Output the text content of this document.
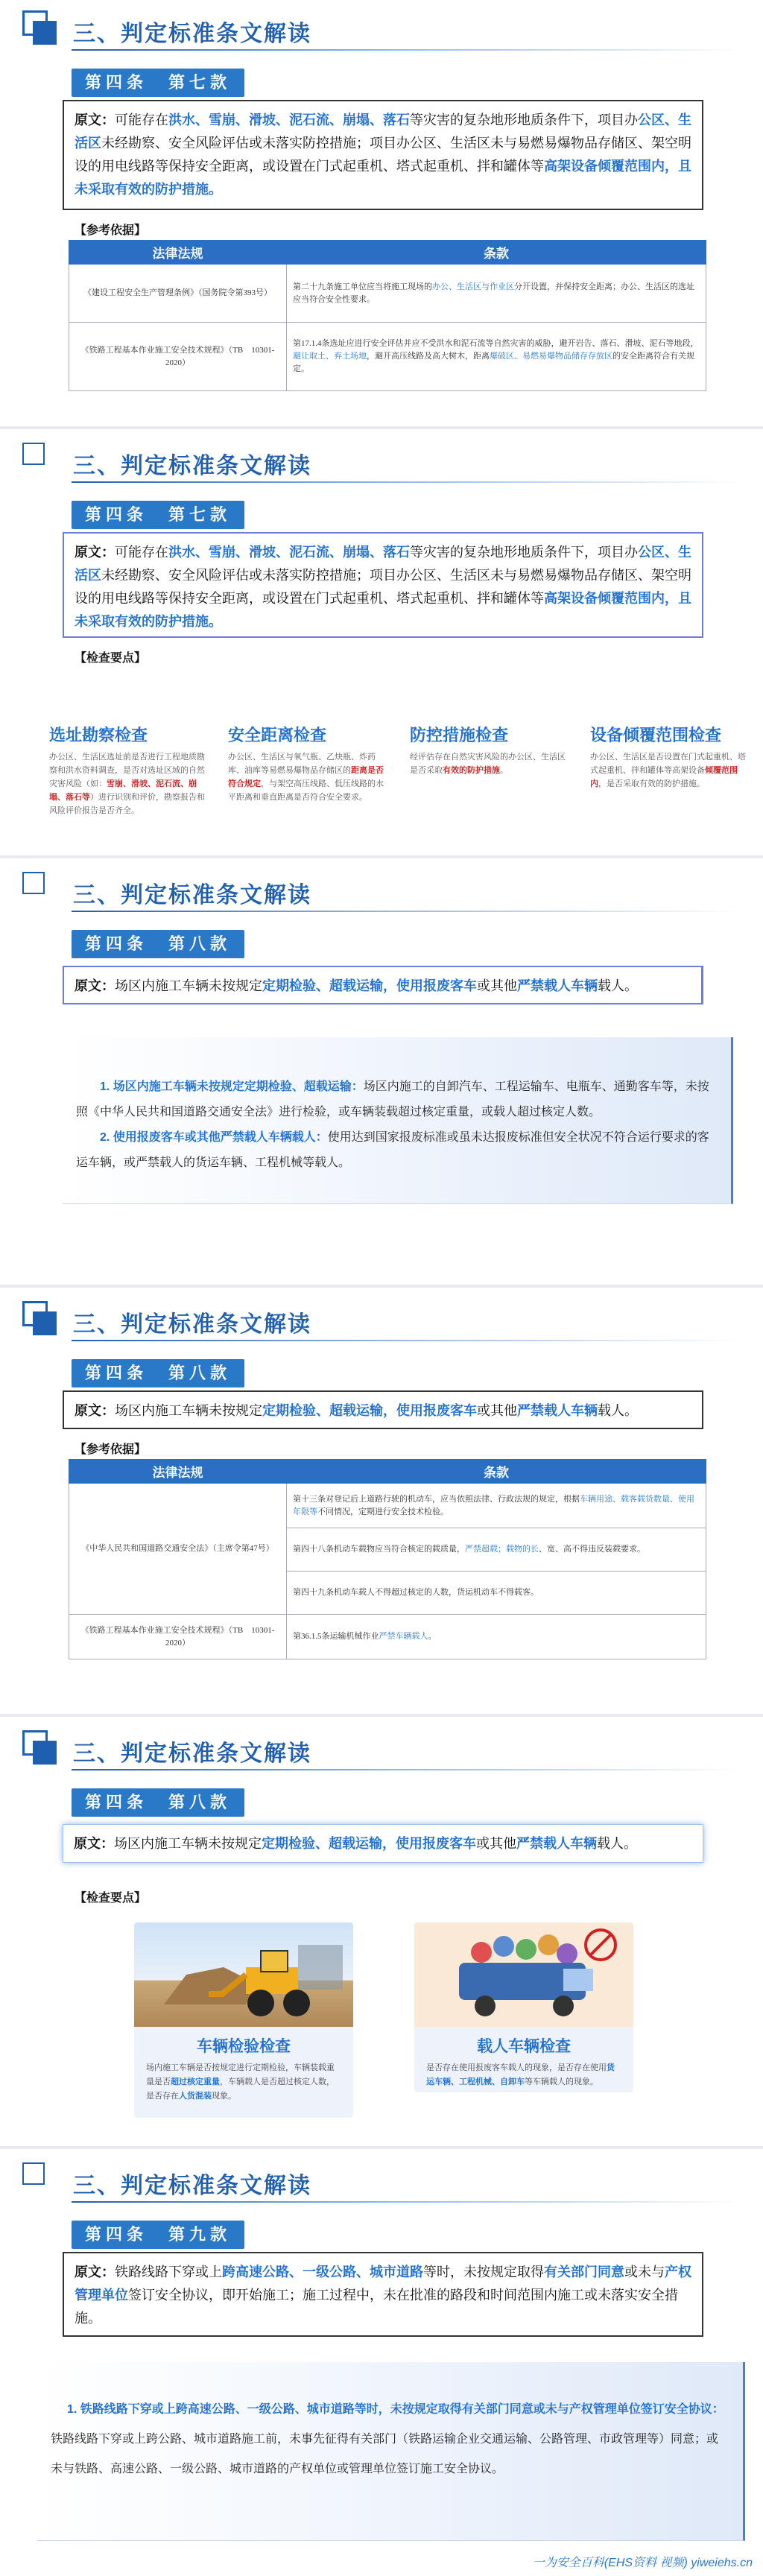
三、判定标准条文解读
第四条　第七款
原文：可能存在洪水、雪崩、滑坡、泥石流、崩塌、落石等灾害的复杂地形地质条件下，项目办公区、生活区未经勘察、安全风险评估或未落实防控措施；项目办公区、生活区未与易燃易爆物品存储区、架空明设的用电线路等保持安全距离，或设置在门式起重机、塔式起重机、拌和罐体等高架设备倾覆范围内，且未采取有效的防护措施。
【参考依据】
法律法规	条款
《建设工程安全生产管理条例》（国务院令第393号）	第二十九条施工单位应当将施工现场的办公、生活区与作业区分开设置，并保持安全距离；办公、生活区的选址应当符合安全性要求。
《铁路工程基本作业施工安全技术规程》（TB　10301-2020）	第17.1.4条选址应进行安全评估并应不受洪水和泥石流等自然灾害的威胁，避开岩告、落石、滑坡、泥石等地段，避让取土、弃土场地，避开高压线路及高大树木，距离爆破区、易燃易爆物品储存存放区的安全距离符合有关规定。
三、判定标准条文解读
第四条　第七款
原文：可能存在洪水、雪崩、滑坡、泥石流、崩塌、落石等灾害的复杂地形地质条件下，项目办公区、生活区未经勘察、安全风险评估或未落实防控措施；项目办公区、生活区未与易燃易爆物品存储区、架空明设的用电线路等保持安全距离，或设置在门式起重机、塔式起重机、拌和罐体等高架设备倾覆范围内，且未采取有效的防护措施。
【检查要点】
选址勘察检查

办公区、生活区选址前是否进行工程地质勘察和洪水资料调查，是否对选址区域的自然灾害风险（如：雪崩、滑坡、泥石流、崩塌、落石等）进行识别和评价，勘察报告和风险评价报告是否齐全。

安全距离检查

办公区、生活区与氧气瓶、乙炔瓶、炸药库、油库等易燃易爆物品存储区的距离是否符合规定，与架空高压线路、低压线路的水平距离和垂直距离是否符合安全要求。

防控措施检查

经评估存在自然灾害风险的办公区、生活区是否采取有效的防护措施。

设备倾覆范围检查

办公区、生活区是否设置在门式起重机、塔式起重机、拌和罐体等高架设备倾覆范围内，是否采取有效的防护措施。

三、判定标准条文解读
第四条　第八款
原文：场区内施工车辆未按规定定期检验、超载运输，使用报废客车或其他严禁载人车辆载人。

1. 场区内施工车辆未按规定定期检验、超载运输：场区内施工的自卸汽车、工程运输车、电瓶车、通勤客车等，未按照《中华人民共和国道路交通安全法》进行检验，或车辆装载超过核定重量，或载人超过核定人数。

2. 使用报废客车或其他严禁载人车辆载人：使用达到国家报废标准或虽未达报废标准但安全状况不符合运行要求的客运车辆，或严禁载人的货运车辆、工程机械等载人。

三、判定标准条文解读
第四条　第八款
原文：场区内施工车辆未按规定定期检验、超载运输，使用报废客车或其他严禁载人车辆载人。
【参考依据】
法律法规	条款
《中华人民共和国道路交通安全法》（主席令第47号）	第十三条对登记后上道路行驶的机动车，应当依照法律、行政法规的规定，根据车辆用途、载客载货数量、使用年限等不同情况，定期进行安全技术检验。
	第四十八条机动车载物应当符合核定的载质量，严禁超载；载物的长、宽、高不得违反装载要求。
	第四十九条机动车载人不得超过核定的人数，货运机动车不得载客。
《铁路工程基本作业施工安全技术规程》（TB　10301-2020）	第36.1.5条运输机械作业严禁车辆载人。
三、判定标准条文解读
第四条　第八款
原文：场区内施工车辆未按规定定期检验、超载运输，使用报废客车或其他严禁载人车辆载人。
【检查要点】
车辆检验检查

场内施工车辆是否按规定进行定期检验，车辆装载重量是否超过核定重量，车辆载人是否超过核定人数，是否存在人货混装现象。

载人车辆检查

是否存在使用报废客车载人的现象，是否存在使用货运车辆、工程机械、自卸车等车辆载人的现象。

三、判定标准条文解读
第四条　第九款
原文：铁路线路下穿或上跨高速公路、一级公路、城市道路等时，未按规定取得有关部门同意或未与产权管理单位签订安全协议，即开始施工；施工过程中，未在批准的路段和时间范围内施工或未落实安全措施。

1. 铁路线路下穿或上跨高速公路、一级公路、城市道路等时，未按规定取得有关部门同意或未与产权管理单位签订安全协议：铁路线路下穿或上跨公路、城市道路施工前，未事先征得有关部门（铁路运输企业交通运输、公路管理、市政管理等）同意；或未与铁路、高速公路、一级公路、城市道路的产权单位或管理单位签订施工安全协议。

一为安全百科(EHS资料 视频) yiweiehs.cn
